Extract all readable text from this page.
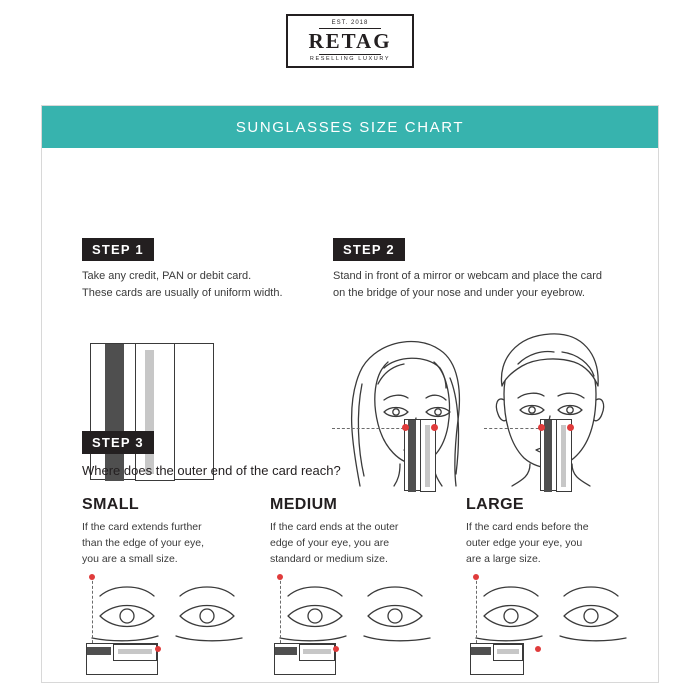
EST. 2018
RETAG
RESELLING LUXURY
SUNGLASSES SIZE CHART
STEP 1
Take any credit, PAN or debit card.
These cards are usually of uniform width.
STEP 2
Stand in front of a mirror or webcam and place the card
on the bridge of your nose and under your eyebrow.
STEP 3
Where does the outer end of the card reach?
SMALL
If the card extends further
than the edge of your eye,
you are a small size.
MEDIUM
If the card ends at the outer
edge of your eye, you are
standard or medium size.
LARGE
If the card ends before the
outer edge your eye, you
are a large size.
